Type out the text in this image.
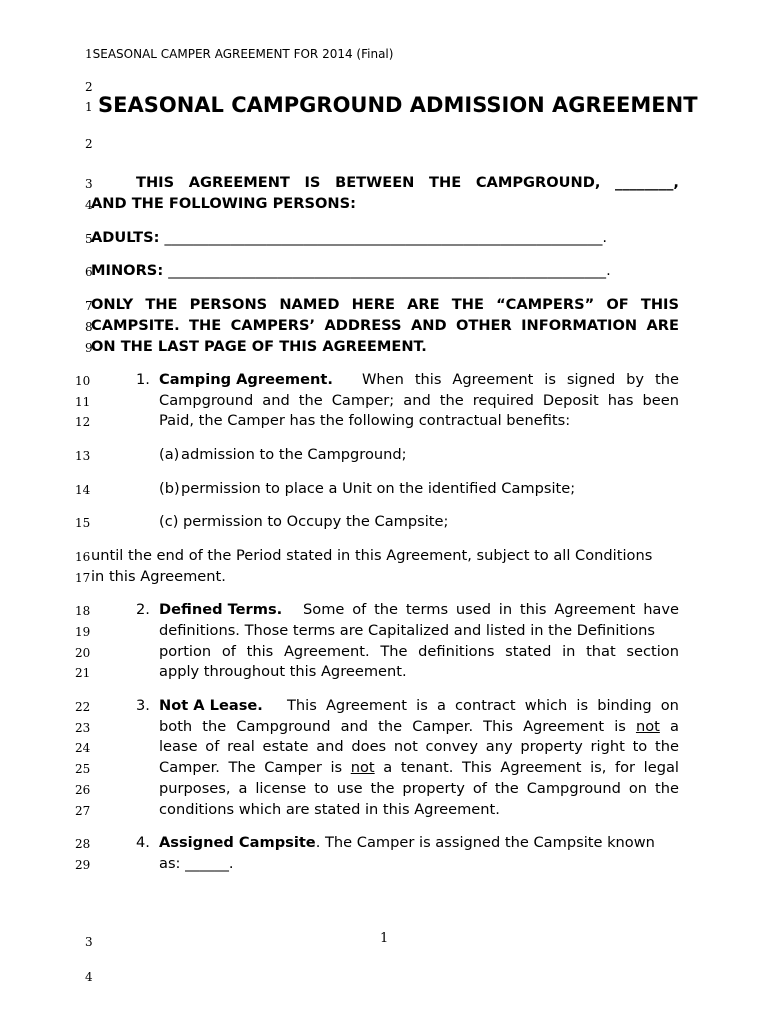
1SEASONAL CAMPER AGREEMENT FOR 2014 (Final)
2
1
2
3
4
5
6
7
8
9
10
11
12
13
14
15
16
17
18
19
20
21
22
23
24
25
26
27
28
29
3
4
SEASONAL CAMPGROUND ADMISSION AGREEMENT
THIS AGREEMENT IS BETWEEN THE CAMPGROUND, ________,
AND THE FOLLOWING PERSONS:
ADULTS: ____________________________________________________________.
MINORS: ____________________________________________________________.
ONLY THE PERSONS NAMED HERE ARE THE “CAMPERS” OF THIS
CAMPSITE. THE CAMPERS’ ADDRESS AND OTHER INFORMATION ARE
ON THE LAST PAGE OF THIS AGREEMENT.
1. Camping Agreement. When this Agreement is signed by the
Campground and the Camper; and the required Deposit has been
Paid, the Camper has the following contractual benefits:
(a) admission to the Campground;
(b) permission to place a Unit on the identified Campsite;
(c) permission to Occupy the Campsite;
until the end of the Period stated in this Agreement, subject to all Conditions
in this Agreement.
2. Defined Terms. Some of the terms used in this Agreement have
definitions. Those terms are Capitalized and listed in the Definitions
portion of this Agreement. The definitions stated in that section
apply throughout this Agreement.
3. Not A Lease. This Agreement is a contract which is binding on
both the Campground and the Camper. This Agreement is not a
lease of real estate and does not convey any property right to the
Camper. The Camper is not a tenant. This Agreement is, for legal
purposes, a license to use the property of the Campground on the
conditions which are stated in this Agreement.
4. Assigned Campsite. The Camper is assigned the Campsite known
as: ______.
1
